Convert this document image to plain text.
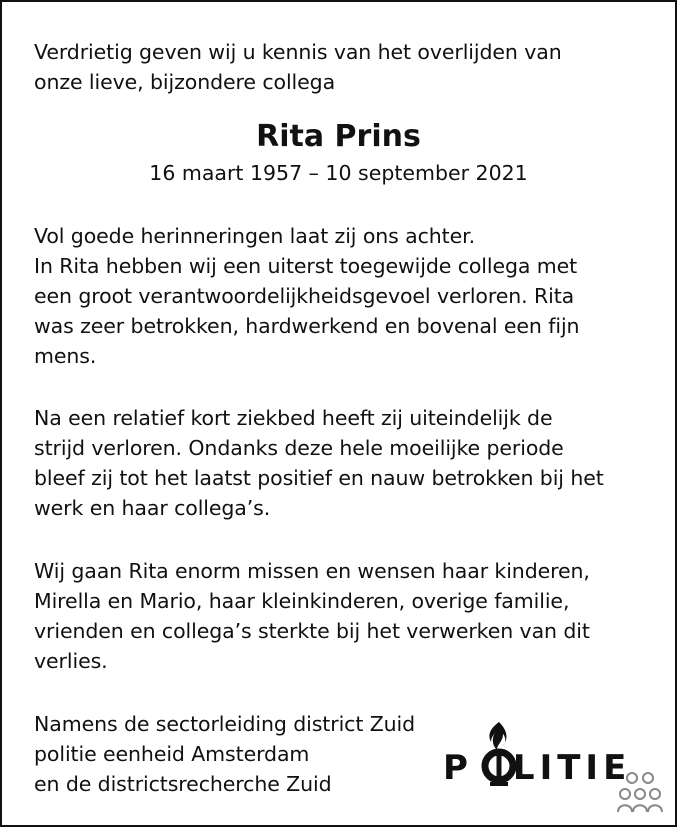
Verdrietig geven wij u kennis van het overlijden van
onze lieve, bijzondere collega
Rita Prins
16 maart 1957 – 10 september 2021
Vol goede herinneringen laat zij ons achter.
In Rita hebben wij een uiterst toegewijde collega met
een groot verantwoordelijkheidsgevoel verloren. Rita
was zeer betrokken, hardwerkend en bovenal een fijn
mens.
Na een relatief kort ziekbed heeft zij uiteindelijk de
strijd verloren. Ondanks deze hele moeilijke periode
bleef zij tot het laatst positief en nauw betrokken bij het
werk en haar collega’s.
Wij gaan Rita enorm missen en wensen haar kinderen,
Mirella en Mario, haar kleinkinderen, overige familie,
vrienden en collega’s sterkte bij het verwerken van dit
verlies.
Namens de sectorleiding district Zuid
politie eenheid Amsterdam
en de districtsrecherche Zuid	P LITIE
